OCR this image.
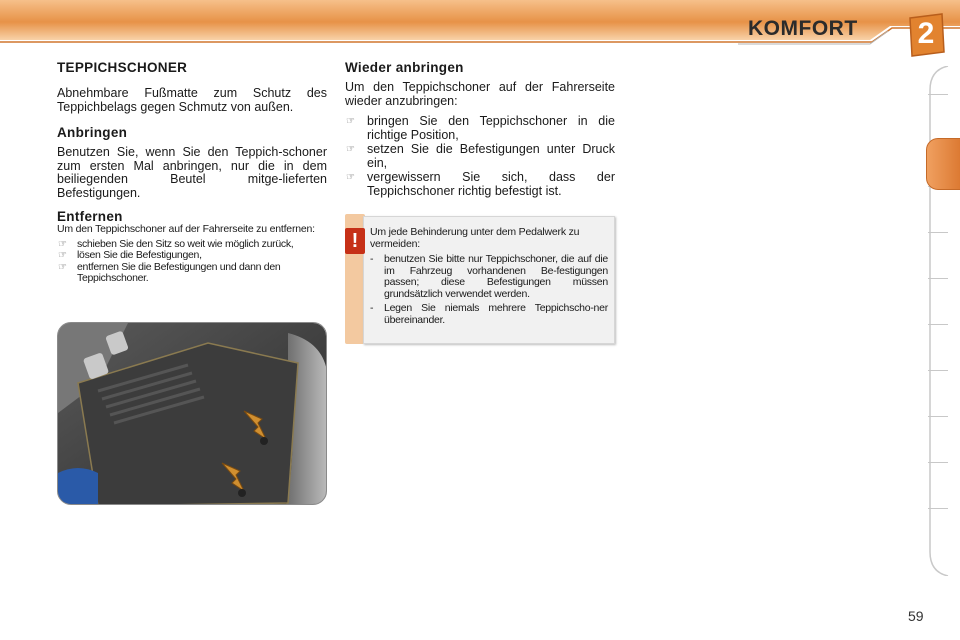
KOMFORT	2
TEPPICHSCHONER

Abnehmbare Fußmatte zum Schutz des Teppichbelags gegen Schmutz von außen.

Anbringen

Benutzen Sie, wenn Sie den Teppich-schoner zum ersten Mal anbringen, nur die in dem beiliegenden Beutel mitge-lieferten Befestigungen.

Entfernen

Um den Teppichschoner auf der Fahrerseite zu entfernen:

☞ schieben Sie den Sitz so weit wie möglich zurück,
☞ lösen Sie die Befestigungen,
☞ entfernen Sie die Befestigungen und dann den Teppichschoner.
Wieder anbringen

Um den Teppichschoner auf der Fahrerseite wieder anzubringen:

☞ bringen Sie den Teppichschoner in die richtige Position,
☞ setzen Sie die Befestigungen unter Druck ein,
☞ vergewissern Sie sich, dass der Teppichschoner richtig befestigt ist.

Um jede Behinderung unter dem Pedalwerk zu vermeiden:

- benutzen Sie bitte nur Teppichschoner, die auf die im Fahrzeug vorhandenen Be-festigungen passen; diese Befestigungen müssen grundsätzlich verwendet werden.
- Legen Sie niemals mehrere Teppichscho-ner übereinander.
!
59
